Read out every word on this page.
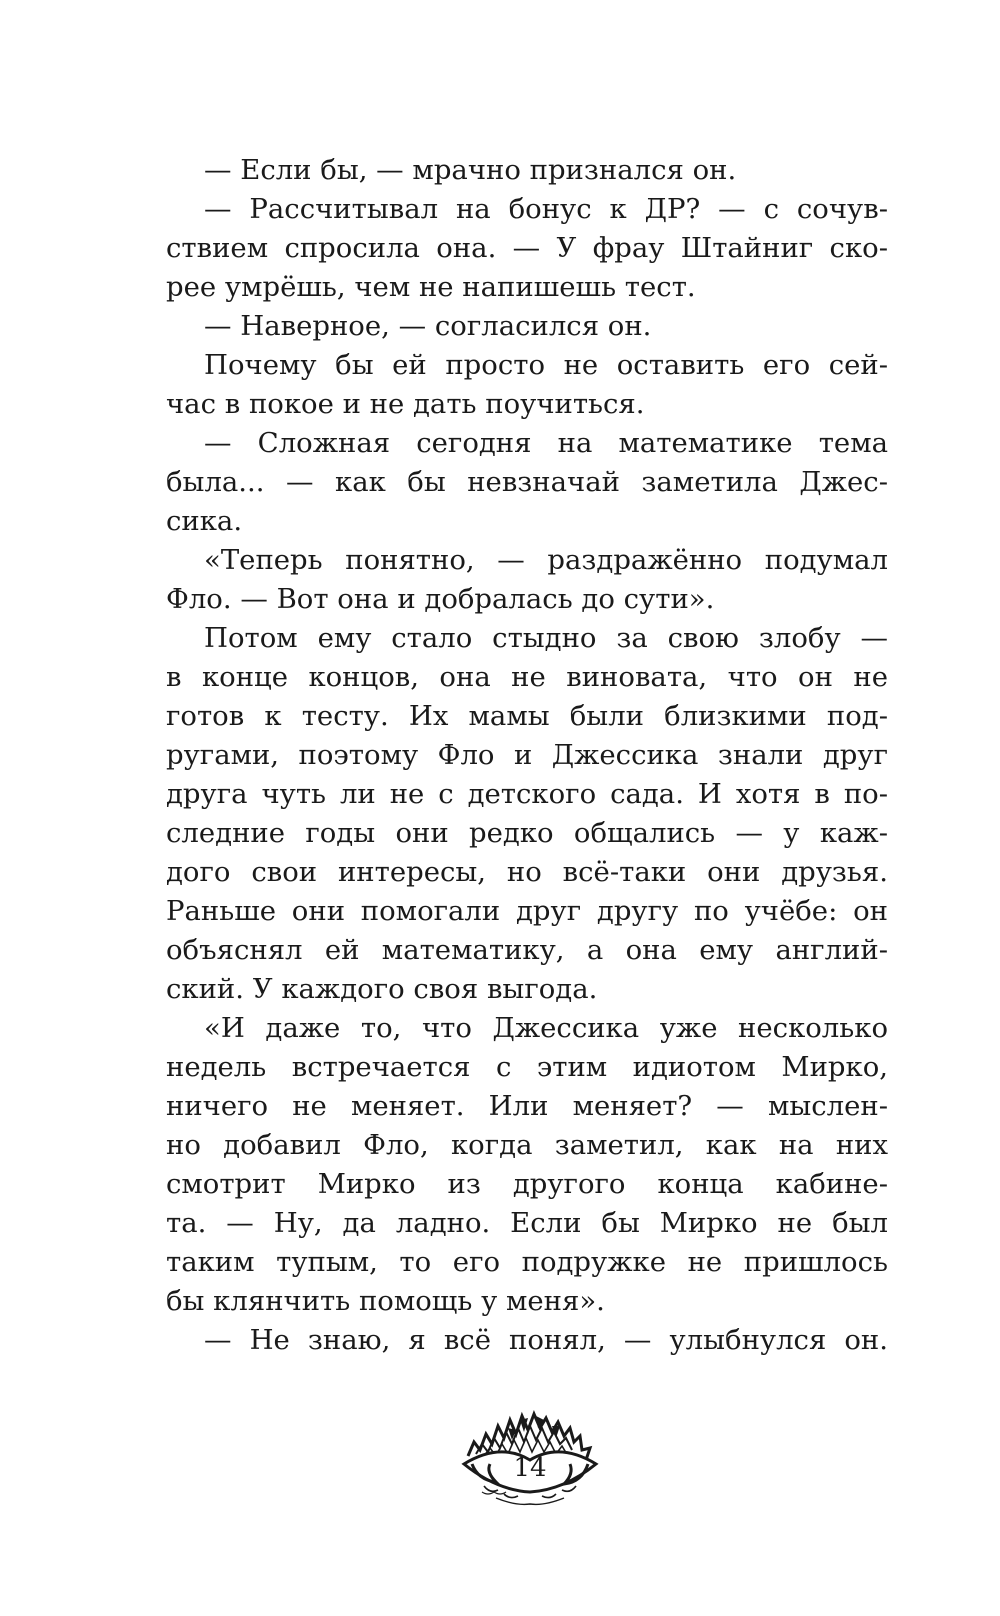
— Если бы, — мрачно признался он.
— Рассчитывал на бонус к ДР? — с сочув-
ствием спросила она. — У фрау Штайниг ско-
рее умрёшь, чем не напишешь тест.
— Наверное, — согласился он.
Почему бы ей просто не оставить его сей-
час в покое и не дать поучиться.
— Сложная сегодня на математике тема
была... — как бы невзначай заметила Джес-
сика.
«Теперь понятно, — раздражённо подумал
Фло. — Вот она и добралась до сути».
Потом ему стало стыдно за свою злобу —
в конце концов, она не виновата, что он не
готов к тесту. Их мамы были близкими под-
ругами, поэтому Фло и Джессика знали друг
друга чуть ли не с детского сада. И хотя в по-
следние годы они редко общались — у каж-
дого свои интересы, но всё-таки они друзья.
Раньше они помогали друг другу по учёбе: он
объяснял ей математику, а она ему англий-
ский. У каждого своя выгода.
«И даже то, что Джессика уже несколько
недель встречается с этим идиотом Мирко,
ничего не меняет. Или меняет? — мыслен-
но добавил Фло, когда заметил, как на них
смотрит Мирко из другого конца кабине-
та. — Ну, да ладно. Если бы Мирко не был
таким тупым, то его подружке не пришлось
бы клянчить помощь у меня».
— Не знаю, я всё понял, — улыбнулся он.
14
